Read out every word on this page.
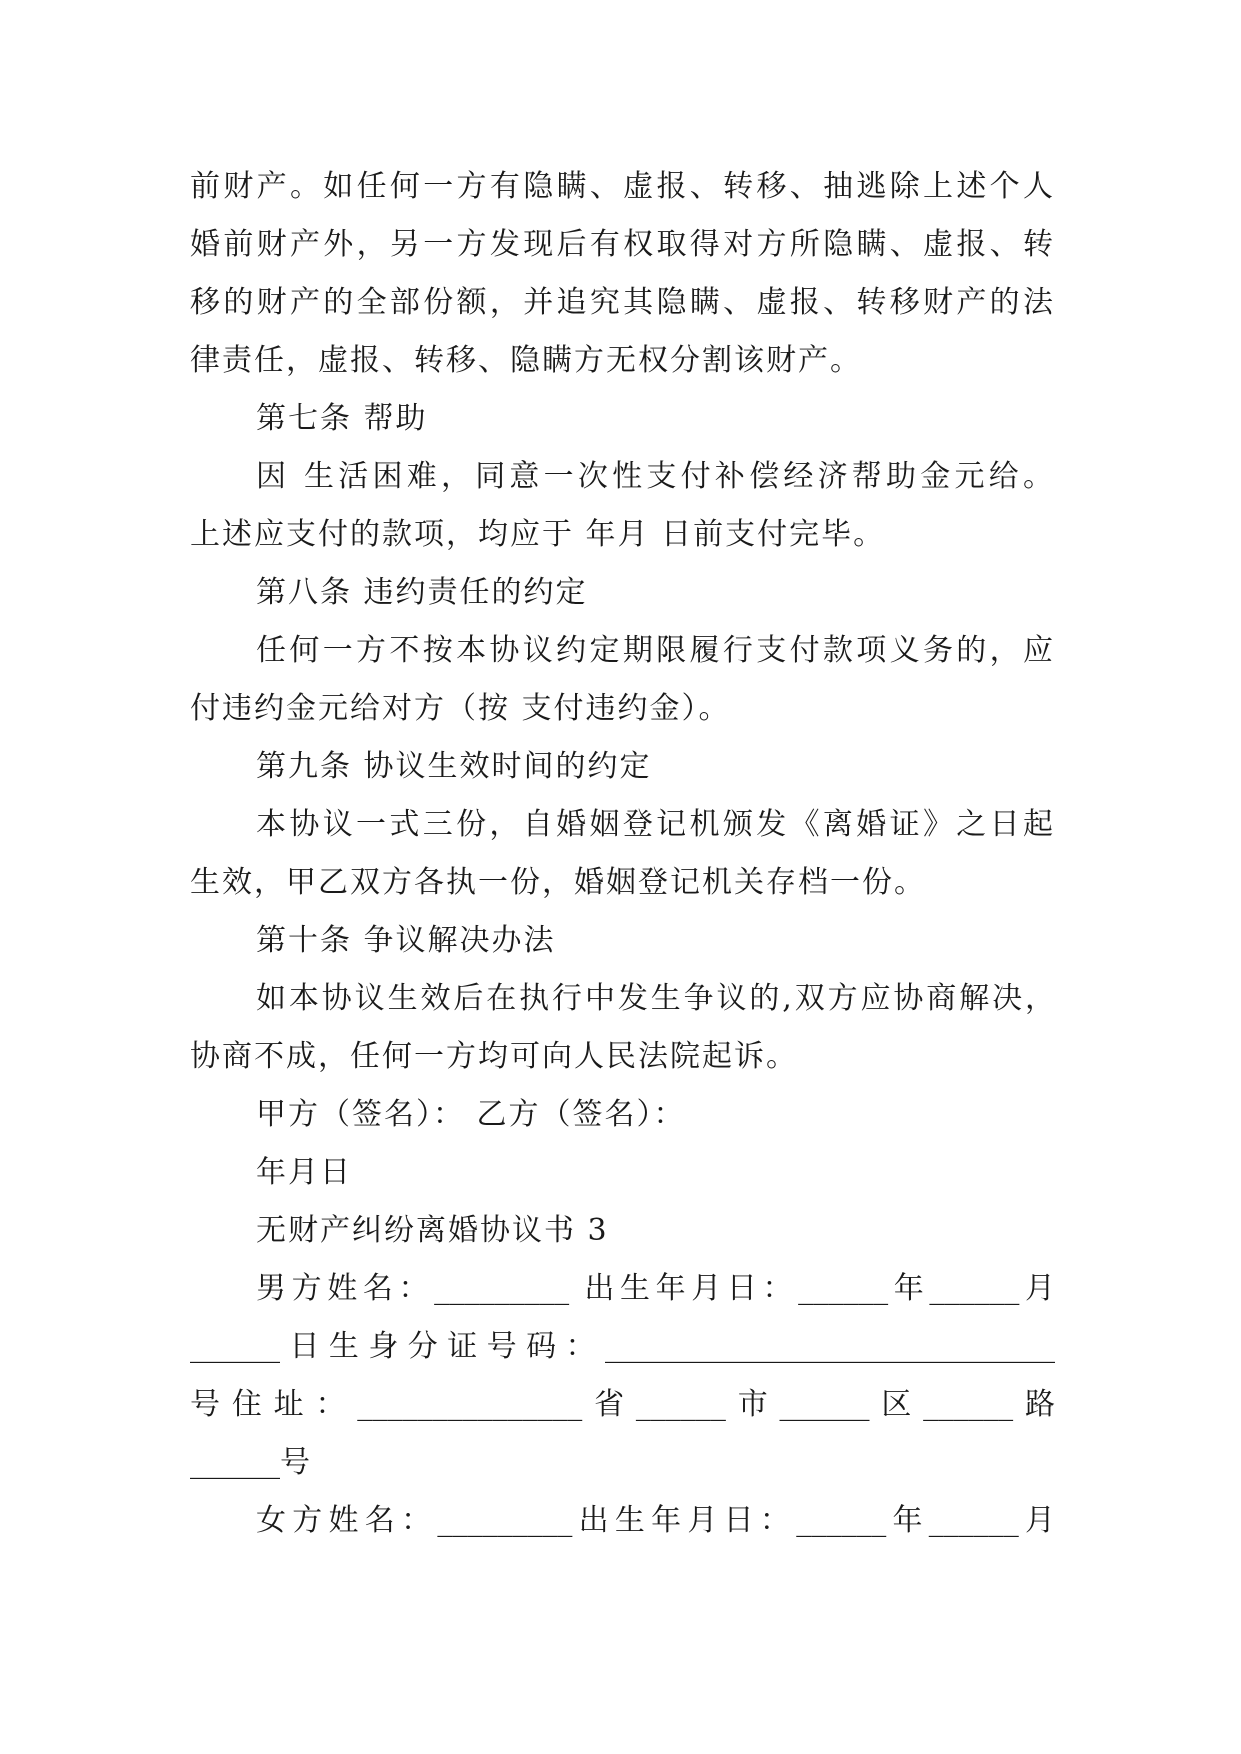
前财产。如任何一方有隐瞒、虚报、转移、抽逃除上述个人
婚前财产外，另一方发现后有权取得对方所隐瞒、虚报、转
移的财产的全部份额，并追究其隐瞒、虚报、转移财产的法
律责任，虚报、转移、隐瞒方无权分割该财产。
第七条 帮助
因 生活困难，同意一次性支付补偿经济帮助金元给。
上述应支付的款项，均应于 年月 日前支付完毕。
第八条 违约责任的约定
任何一方不按本协议约定期限履行支付款项义务的，应
付违约金元给对方（按 支付违约金）。
第九条 协议生效时间的约定
本协议一式三份，自婚姻登记机颁发《离婚证》之日起
生效，甲乙双方各执一份，婚姻登记机关存档一份。
第十条 争议解决办法
如本协议生效后在执行中发生争议的,双方应协商解决，
协商不成，任何一方均可向人民法院起诉。
甲方（签名）： 乙方（签名）：
年月日
无财产纠纷离婚协议书 3
男方姓名：_________ 出生年月日：______年______月
______日生身分证号码：______________________________
号住址：_______________省______市______区______路
______号
女方姓名：_________出生年月日：______年______月
